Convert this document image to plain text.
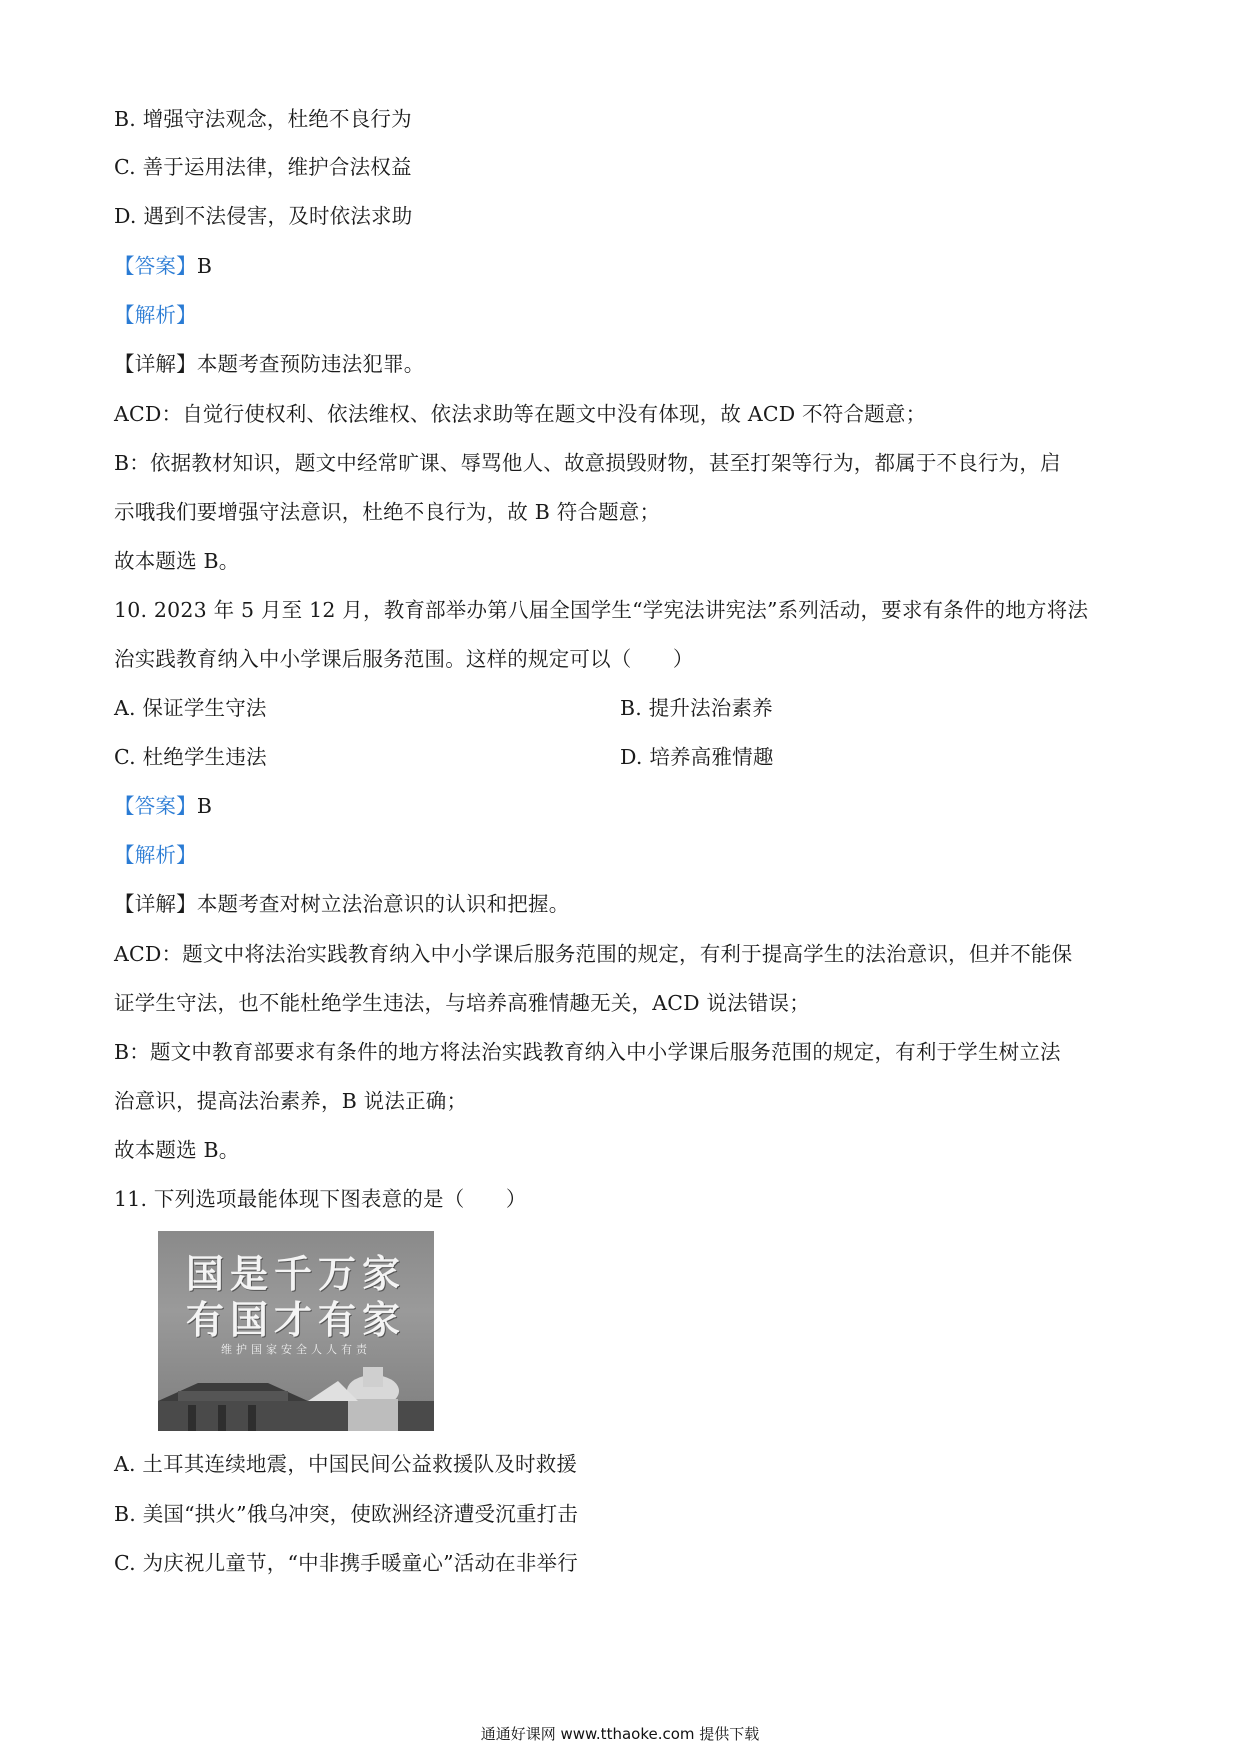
B. 增强守法观念，杜绝不良行为
C. 善于运用法律，维护合法权益
D. 遇到不法侵害，及时依法求助
【答案】B
【解析】
【详解】本题考查预防违法犯罪。
ACD：自觉行使权利、依法维权、依法求助等在题文中没有体现，故 ACD 不符合题意；
B：依据教材知识，题文中经常旷课、辱骂他人、故意损毁财物，甚至打架等行为，都属于不良行为，启
示哦我们要增强守法意识，杜绝不良行为，故 B 符合题意；
故本题选 B。
10. 2023 年 5 月至 12 月，教育部举办第八届全国学生“学宪法讲宪法”系列活动，要求有条件的地方将法
治实践教育纳入中小学课后服务范围。这样的规定可以（　　）
A. 保证学生守法	B. 提升法治素养
C. 杜绝学生违法	D. 培养高雅情趣
【答案】B
【解析】
【详解】本题考查对树立法治意识的认识和把握。
ACD：题文中将法治实践教育纳入中小学课后服务范围的规定，有利于提高学生的法治意识，但并不能保
证学生守法，也不能杜绝学生违法，与培养高雅情趣无关，ACD 说法错误；
B：题文中教育部要求有条件的地方将法治实践教育纳入中小学课后服务范围的规定，有利于学生树立法
治意识，提高法治素养，B 说法正确；
故本题选 B。
11. 下列选项最能体现下图表意的是（　　）
国是千万家
有国才有家
维护国家安全人人有责
A. 土耳其连续地震，中国民间公益救援队及时救援
B. 美国“拱火”俄乌冲突，使欧洲经济遭受沉重打击
C. 为庆祝儿童节，“中非携手暖童心”活动在非举行
通通好课网 www.tthaoke.com 提供下载
